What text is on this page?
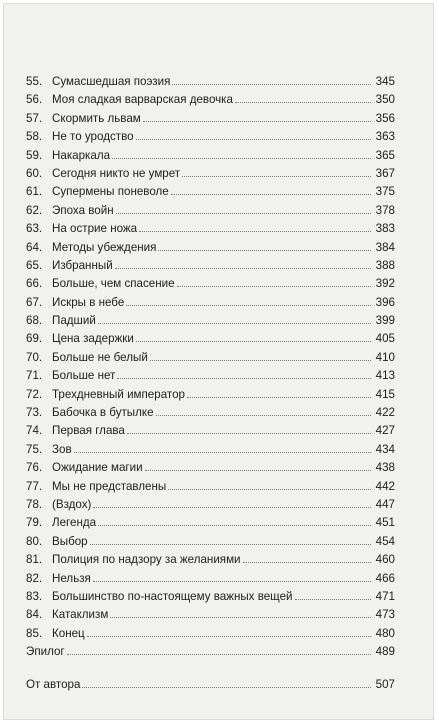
55. Сумасшедшая поэзия	345
56. Моя сладкая варварская девочка	350
57. Скормить львам	356
58. Не то уродство	363
59. Накаркала	365
60. Сегодня никто не умрет	367
61. Супермены поневоле	375
62. Эпоха войн	378
63. На острие ножа	383
64. Методы убеждения	384
65. Избранный	388
66. Больше, чем спасение	392
67. Искры в небе	396
68. Падший	399
69. Цена задержки	405
70. Больше не белый	410
71. Больше нет	413
72. Трехдневный император	415
73. Бабочка в бутылке	422
74. Первая глава	427
75. Зов	434
76. Ожидание магии	438
77. Мы не представлены	442
78. (Вздох)	447
79. Легенда	451
80. Выбор	454
81. Полиция по надзору за желаниями	460
82. Нельзя	466
83. Большинство по-настоящему важных вещей	471
84. Катаклизм	473
85. Конец	480
Эпилог	489
От автора	507
